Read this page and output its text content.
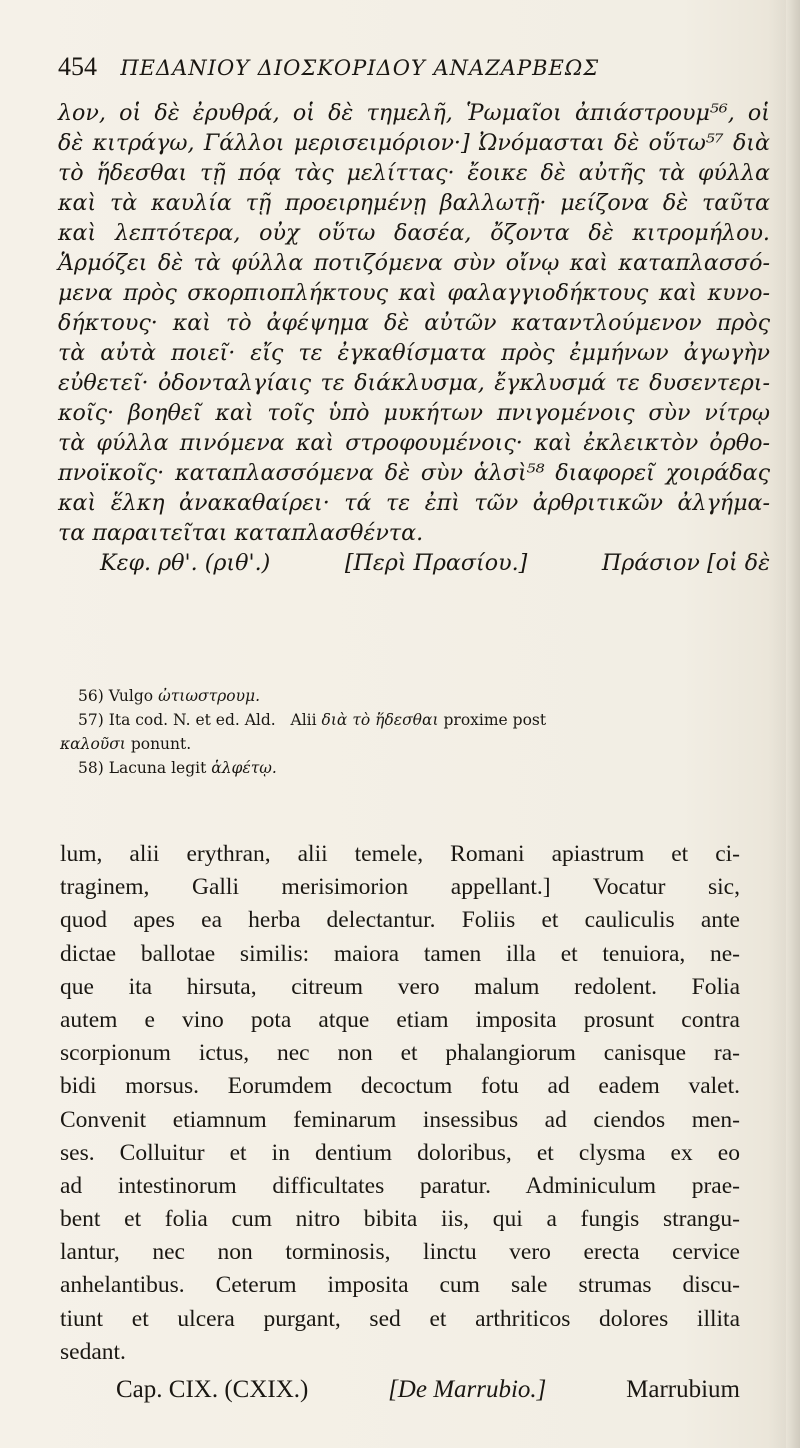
454 ΠΕΔΑΝΙΟΥ ΔΙΟΣΚΟΡΙΔΟΥ ΑΝΑΖΑΡΒΕΩΣ
λον, οἱ δὲ ἐρυθρά, οἱ δὲ τημελῆ, Ῥωμαῖοι ἀπιάστρουμ⁵⁶, οἱ
δὲ κιτράγω, Γάλλοι μερισειμόριον·] Ὠνόμασται δὲ οὕτω⁵⁷ διὰ
τὸ ἥδεσθαι τῇ πόᾳ τὰς μελίττας· ἔοικε δὲ αὐτῆς τὰ φύλλα
καὶ τὰ καυλία τῇ προειρημένῃ βαλλωτῇ· μείζονα δὲ ταῦτα
καὶ λεπτότερα, οὐχ οὕτω δασέα, ὄζοντα δὲ κιτρομήλου.
Ἁρμόζει δὲ τὰ φύλλα ποτιζόμενα σὺν οἴνῳ καὶ καταπλασσό-
μενα πρὸς σκορπιοπλήκτους καὶ φαλαγγιοδήκτους καὶ κυνο-
δήκτους· καὶ τὸ ἀφέψημα δὲ αὐτῶν καταντλούμενον πρὸς
τὰ αὐτὰ ποιεῖ· εἴς τε ἐγκαθίσματα πρὸς ἐμμήνων ἀγωγὴν
εὐθετεῖ· ὀδονταλγίαις τε διάκλυσμα, ἔγκλυσμά τε δυσεντερι-
κοῖς· βοηθεῖ καὶ τοῖς ὑπὸ μυκήτων πνιγομένοις σὺν νίτρῳ
τὰ φύλλα πινόμενα καὶ στροφουμένοις· καὶ ἐκλεικτὸν ὀρθο-
πνοϊκοῖς· καταπλασσόμενα δὲ σὺν ἁλσὶ⁵⁸ διαφορεῖ χοιράδας
καὶ ἕλκη ἀνακαθαίρει· τά τε ἐπὶ τῶν ἀρθριτικῶν ἀλγήμα-
τα παραιτεῖται καταπλασθέντα.
Κεφ. ρθ'. (ριθ'.)	[Περὶ Πρασίου.]	Πράσιον [οἱ δὲ
56) Vulgo ὠτιωστρουμ.
57) Ita cod. N. et ed. Ald.   Alii διὰ τὸ ἥδεσθαι proxime post
καλοῦσι ponunt.
58) Lacuna legit ἁλφέτῳ.
lum, alii erythran, alii temele, Romani apiastrum et ci-
traginem, Galli merisimorion appellant.] Vocatur sic,
quod apes ea herba delectantur. Foliis et cauliculis ante
dictae ballotae similis: maiora tamen illa et tenuiora, ne-
que ita hirsuta, citreum vero malum redolent. Folia
autem e vino pota atque etiam imposita prosunt contra
scorpionum ictus, nec non et phalangiorum canisque ra-
bidi morsus. Eorumdem decoctum fotu ad eadem valet.
Convenit etiamnum feminarum insessibus ad ciendos men-
ses. Colluitur et in dentium doloribus, et clysma ex eo
ad intestinorum difficultates paratur. Adminiculum prae-
bent et folia cum nitro bibita iis, qui a fungis strangu-
lantur, nec non torminosis, linctu vero erecta cervice
anhelantibus. Ceterum imposita cum sale strumas discu-
tiunt et ulcera purgant, sed et arthriticos dolores illita
sedant.
Cap. CIX. (CXIX.)	[De Marrubio.]	Marrubium
